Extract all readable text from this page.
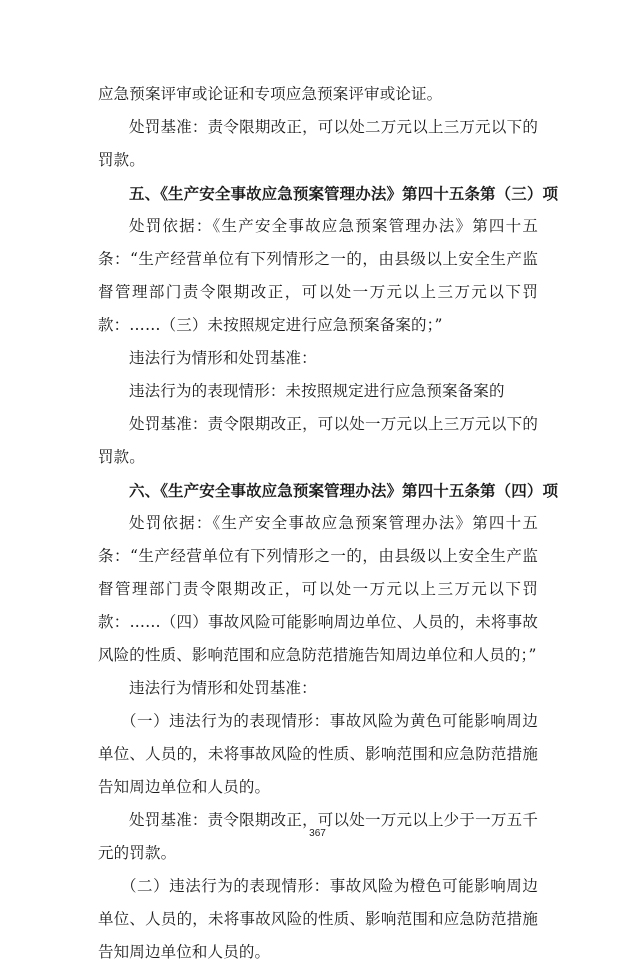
应急预案评审或论证和专项应急预案评审或论证。

处罚基准：责令限期改正，可以处二万元以上三万元以下的罚款。

五、《生产安全事故应急预案管理办法》第四十五条第（三）项

处罚依据：《生产安全事故应急预案管理办法》第四十五条：“生产经营单位有下列情形之一的，由县级以上安全生产监督管理部门责令限期改正，可以处一万元以上三万元以下罚款：……（三）未按照规定进行应急预案备案的；”

违法行为情形和处罚基准：

违法行为的表现情形：未按照规定进行应急预案备案的

处罚基准：责令限期改正，可以处一万元以上三万元以下的罚款。

六、《生产安全事故应急预案管理办法》第四十五条第（四）项

处罚依据：《生产安全事故应急预案管理办法》第四十五条：“生产经营单位有下列情形之一的，由县级以上安全生产监督管理部门责令限期改正，可以处一万元以上三万元以下罚款：……（四）事故风险可能影响周边单位、人员的，未将事故风险的性质、影响范围和应急防范措施告知周边单位和人员的；”

违法行为情形和处罚基准：

（一）违法行为的表现情形：事故风险为黄色可能影响周边单位、人员的，未将事故风险的性质、影响范围和应急防范措施告知周边单位和人员的。

处罚基准：责令限期改正，可以处一万元以上少于一万五千元的罚款。

（二）违法行为的表现情形：事故风险为橙色可能影响周边单位、人员的，未将事故风险的性质、影响范围和应急防范措施告知周边单位和人员的。

367
